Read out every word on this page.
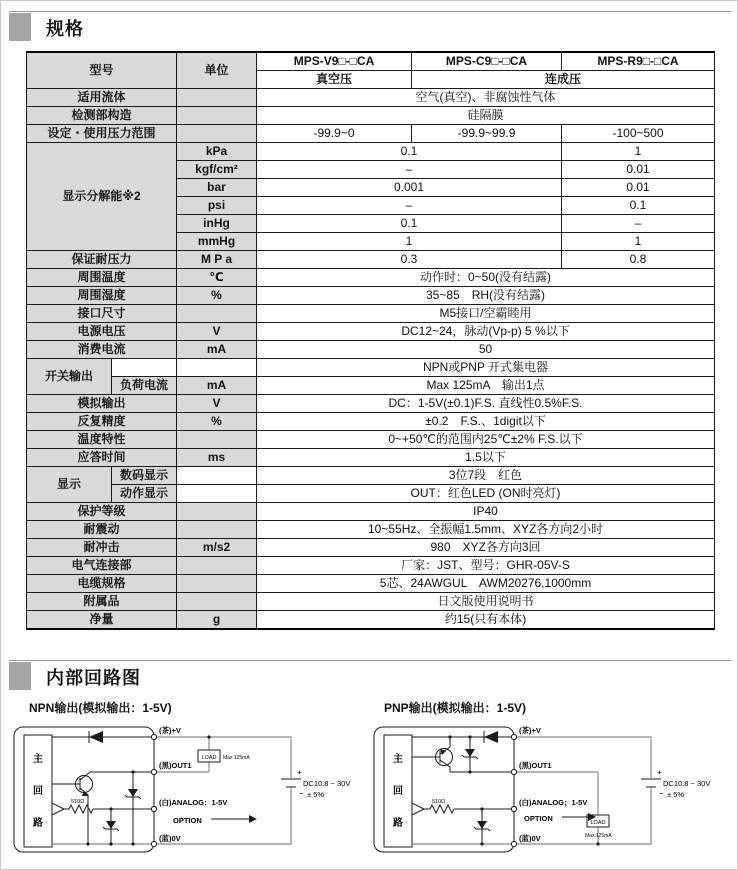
规格
型号		单位	MPS-V9□-□CA	MPS-C9□-□CA	MPS-R9□-□CA
			真空压	连成压	
适用流体			空气(真空)、非腐蚀性气体		
检测部构造			硅隔膜		
设定・使用压力范围			-99.9~0	-99.9~99.9	-100~500
显示分解能※2		kPa	0.1		1
		kgf/cm²	–		0.01
		bar	0.001		0.01
		psi	–		0.1
		inHg	0.1		–
		mmHg	1		1
保证耐压力		M P a	0.3		0.8
周围温度		℃	动作时：0~50(没有结露)		
周围湿度		%	35~85　RH(没有结露)		
接口尺寸			M5接口/空霸睦用		
电源电压		V	DC12~24，脉动(Vp-p) 5 %以下		
消费电流		mA	50		
开关输出			NPN或PNP 开式集电器		
	负荷电流	mA	Max 125mA　输出1点		
模拟输出		V	DC：1-5V(±0.1)F.S. 直线性0.5%F.S.		
反复精度		%	±0.2　F.S.、1digit以下		
温度特性			0~+50℃的范围内25℃±2% F.S.以下		
应答时间		ms	1.5以下		
显示	数码显示		3位7段　红色		
	动作显示		OUT：红色LED (ON时亮灯)		
保护等级			IP40		
耐震动			10~55Hz、全振幅1.5mm、XYZ各方向2小时		
耐冲击		m/s2	980　XYZ各方向3回		
电气连接部			厂家：JST、型号：GHR-05V-S		
电缆规格			5芯、24AWGUL　AWM20276,1000mm		
附属品			日文版使用说明书		
净量		g	约15(只有本体)		
内部回路图
NPN输出(模拟输出：1-5V)	PNP输出(模拟输出：1-5V)
主
回
路
510Ω
LOAD Max.125mA
+
DC10.8 ~ 30V
− ± 5%
(茶)+V
(黑)OUT1
(白)ANALOG：1-5V
OPTION
(蓝)0V
主
回
路
510Ω
LOAD
Max.125mA
+
DC10.8 ~ 30V
− ± 5%
(茶)+V
(黑)OUT1
(白)ANALOG；1-5V
OPTION
(蓝)0V
